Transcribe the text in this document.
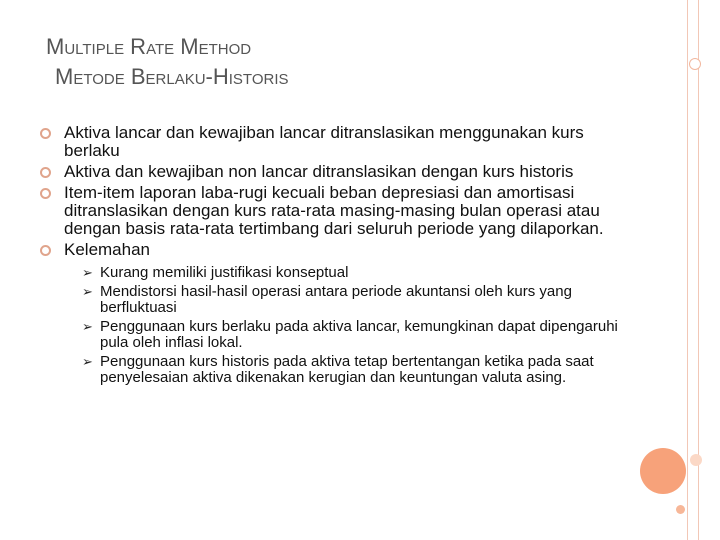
Multiple Rate Method
Metode Berlaku-Historis
Aktiva lancar dan kewajiban lancar ditranslasikan menggunakan kurs berlaku
Aktiva dan kewajiban non lancar ditranslasikan dengan kurs historis
Item-item laporan laba-rugi kecuali beban depresiasi dan amortisasi ditranslasikan dengan kurs rata-rata masing-masing bulan operasi atau dengan basis rata-rata tertimbang dari seluruh periode yang dilaporkan.
Kelemahan
➢ Kurang memiliki justifikasi konseptual
➢ Mendistorsi hasil-hasil operasi antara periode akuntansi oleh kurs yang berfluktuasi
➢ Penggunaan kurs berlaku pada aktiva lancar, kemungkinan dapat dipengaruhi pula oleh inflasi lokal.
➢ Penggunaan kurs historis pada aktiva tetap bertentangan ketika pada saat penyelesaian aktiva dikenakan kerugian dan keuntungan valuta asing.
